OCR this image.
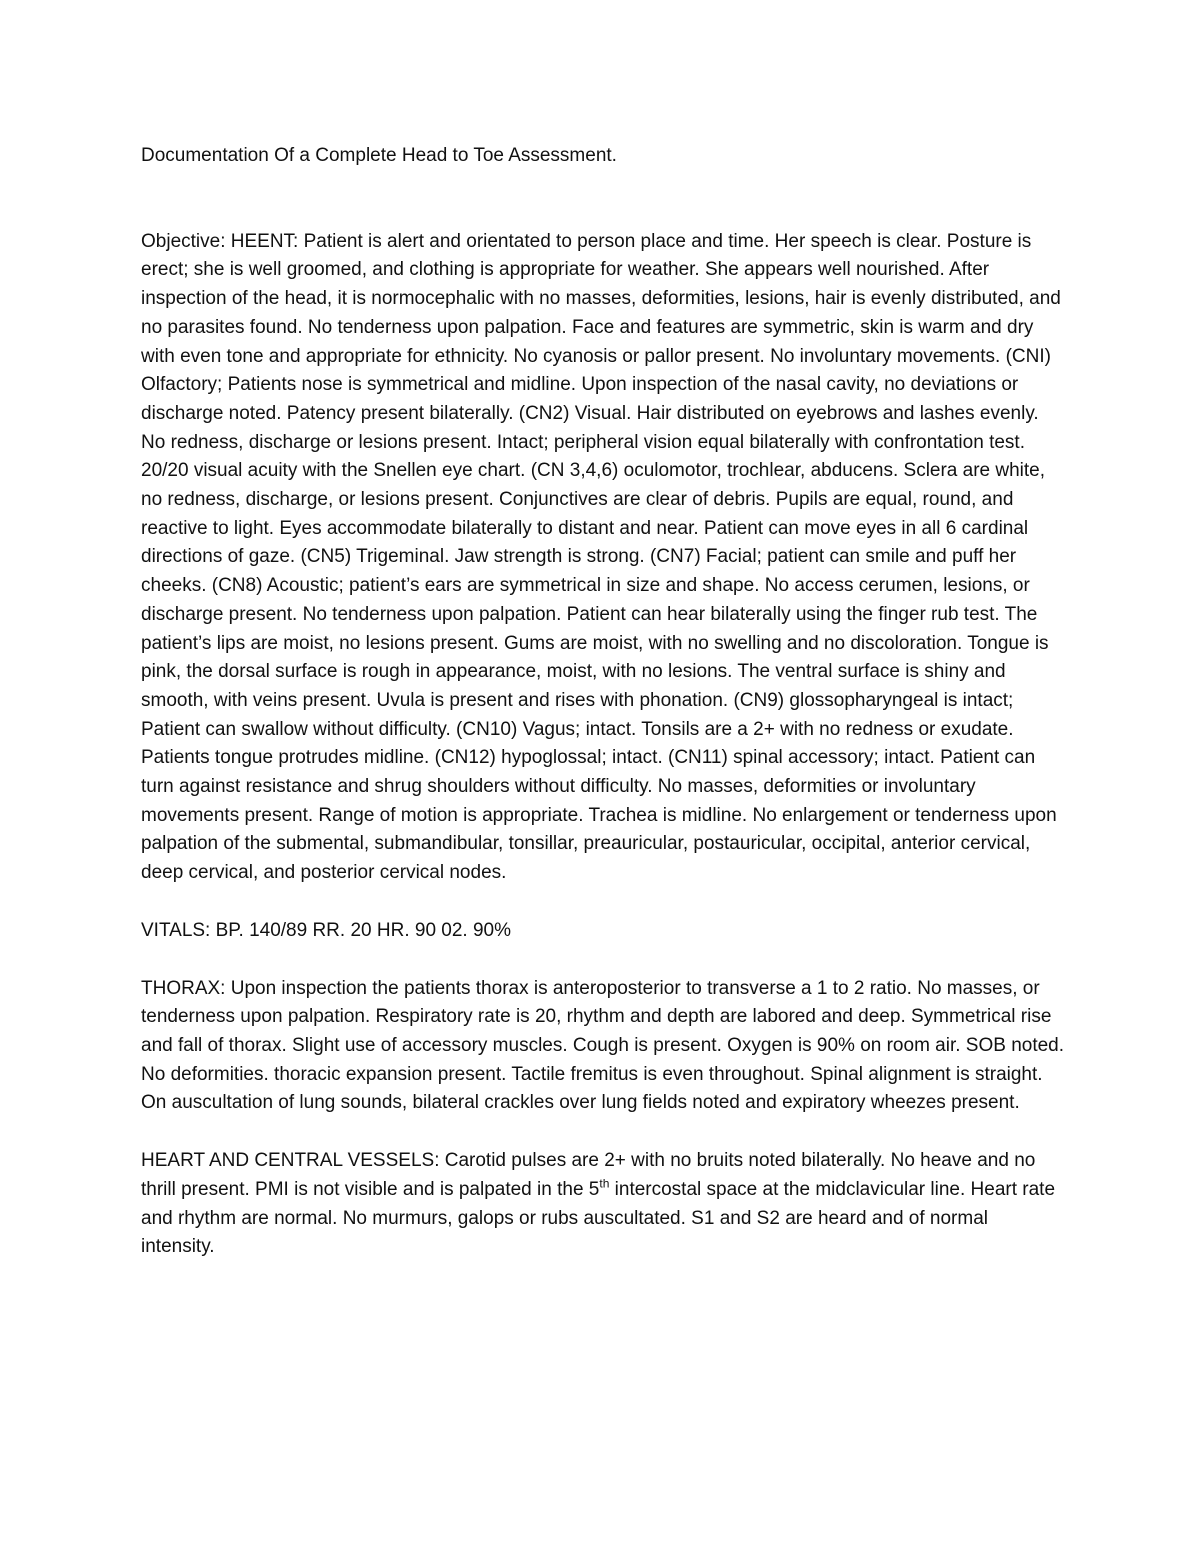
Documentation Of a Complete Head to Toe Assessment.

Objective: HEENT: Patient is alert and orientated to person place and time. Her speech is clear. Posture is erect; she is well groomed, and clothing is appropriate for weather. She appears well nourished. After inspection of the head, it is normocephalic with no masses, deformities, lesions, hair is evenly distributed, and no parasites found. No tenderness upon palpation. Face and features are symmetric, skin is warm and dry with even tone and appropriate for ethnicity. No cyanosis or pallor present. No involuntary movements. (CNI) Olfactory; Patients nose is symmetrical and midline. Upon inspection of the nasal cavity, no deviations or discharge noted. Patency present bilaterally. (CN2) Visual. Hair distributed on eyebrows and lashes evenly. No redness, discharge or lesions present. Intact; peripheral vision equal bilaterally with confrontation test. 20/20 visual acuity with the Snellen eye chart. (CN 3,4,6) oculomotor, trochlear, abducens. Sclera are white, no redness, discharge, or lesions present. Conjunctives are clear of debris. Pupils are equal, round, and reactive to light. Eyes accommodate bilaterally to distant and near. Patient can move eyes in all 6 cardinal directions of gaze. (CN5) Trigeminal. Jaw strength is strong. (CN7) Facial; patient can smile and puff her cheeks. (CN8) Acoustic; patient’s ears are symmetrical in size and shape. No access cerumen, lesions, or discharge present. No tenderness upon palpation. Patient can hear bilaterally using the finger rub test. The patient’s lips are moist, no lesions present. Gums are moist, with no swelling and no discoloration. Tongue is pink, the dorsal surface is rough in appearance, moist, with no lesions. The ventral surface is shiny and smooth, with veins present. Uvula is present and rises with phonation. (CN9) glossopharyngeal is intact; Patient can swallow without difficulty. (CN10) Vagus; intact. Tonsils are a 2+ with no redness or exudate. Patients tongue protrudes midline. (CN12) hypoglossal; intact. (CN11) spinal accessory; intact. Patient can turn against resistance and shrug shoulders without difficulty. No masses, deformities or involuntary movements present. Range of motion is appropriate. Trachea is midline. No enlargement or tenderness upon palpation of the submental, submandibular, tonsillar, preauricular, postauricular, occipital, anterior cervical, deep cervical, and posterior cervical nodes.

VITALS: BP. 140/89 RR. 20 HR. 90 02. 90%

THORAX: Upon inspection the patients thorax is anteroposterior to transverse a 1 to 2 ratio. No masses, or tenderness upon palpation. Respiratory rate is 20, rhythm and depth are labored and deep. Symmetrical rise and fall of thorax. Slight use of accessory muscles. Cough is present. Oxygen is 90% on room air. SOB noted. No deformities. thoracic expansion present. Tactile fremitus is even throughout. Spinal alignment is straight. On auscultation of lung sounds, bilateral crackles over lung fields noted and expiratory wheezes present.

HEART AND CENTRAL VESSELS: Carotid pulses are 2+ with no bruits noted bilaterally. No heave and no thrill present. PMI is not visible and is palpated in the 5th intercostal space at the midclavicular line. Heart rate and rhythm are normal. No murmurs, galops or rubs auscultated. S1 and S2 are heard and of normal intensity.
